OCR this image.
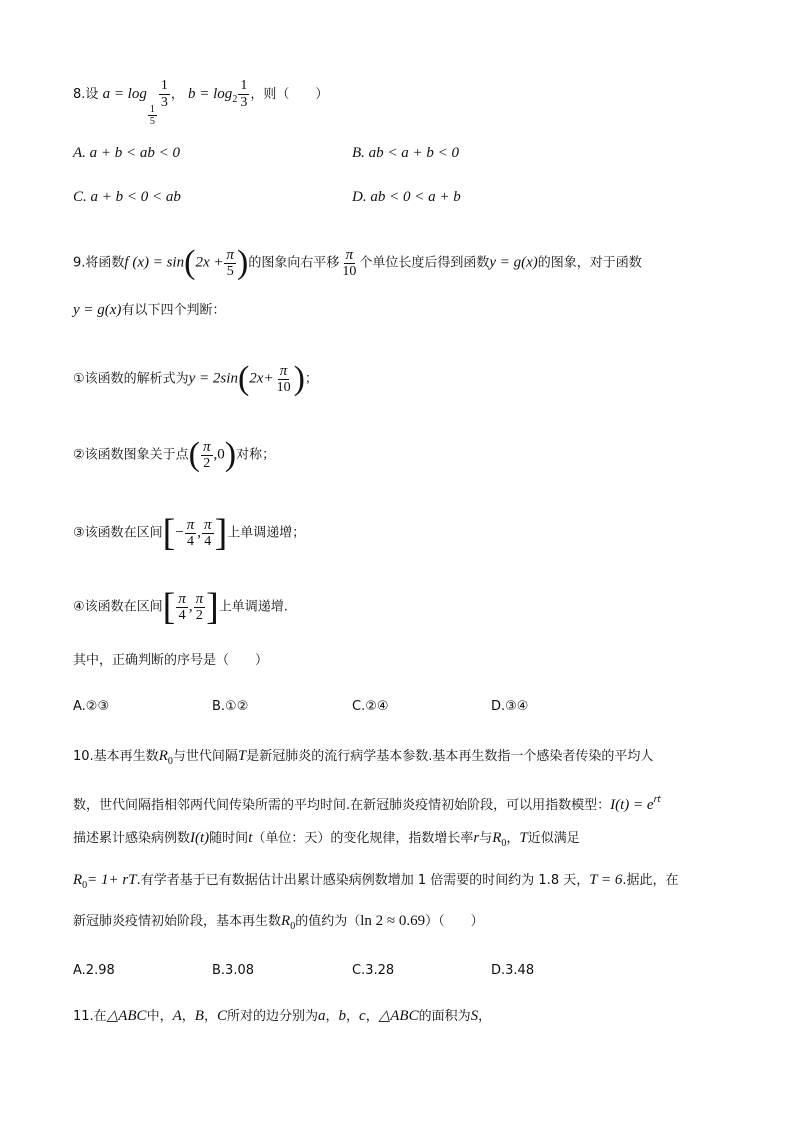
8.设 a = log
$\frac{1}{5}$
$\frac{1}{3}$ ， $b = \log_2 \frac{1}{3}$ ，则（　　）
A. a + b < ab < 0	B. ab < a + b < 0
C. a + b < 0 < ab	D. ab < 0 < a + b
9.将函数f $(x) = \sin(2x + \frac{\pi}{5}$ )的图象向右平移 $\frac{\pi}{10}$ 个单位长度后得到函数y = g(x)的图象，对于函数
y = g(x)有以下四个判断：
①该函数的解析式为$y = 2\sin(2x+ \frac{\pi}{10}$ )；
②该函数图象关于点( $\frac{\pi}{2} ,0$)对称；
③该函数在区间[− $\frac{\pi}{4}$ , $\frac{\pi}{4}$ ]上单调递增；
④该函数在区间[ $\frac{\pi}{4}$ , $\frac{\pi}{2}$ ]上单调递增.
其中，正确判断的序号是（　　）
A.②③	B.①②	C.②④	D.③④
10.基本再生数$R_0$与世代间隔T是新冠肺炎的流行病学基本参数.基本再生数指一个感染者传染的平均人
数，世代间隔指相邻两代间传染所需的平均时间.在新冠肺炎疫情初始阶段，可以用指数模型：$I(t) = e^{rt}$
描述累计感染病例数I(t)随时间t（单位：天）的变化规律，指数增长率r与$R_0$，T近似满足
$R_0= 1+$ rT.有学者基于已有数据估计出累计感染病例数增加 1 倍需要的时间约为 1.8 天，T = 6.据此，在
新冠肺炎疫情初始阶段，基本再生数$R_0$的值约为（ln 2 ≈ 0.69）（　　）
A.2.98	B.3.08	C.3.28	D.3.48
11.在△ABC中，A，B，C所对的边分别为a，b，c，△ABC的面积为S，
